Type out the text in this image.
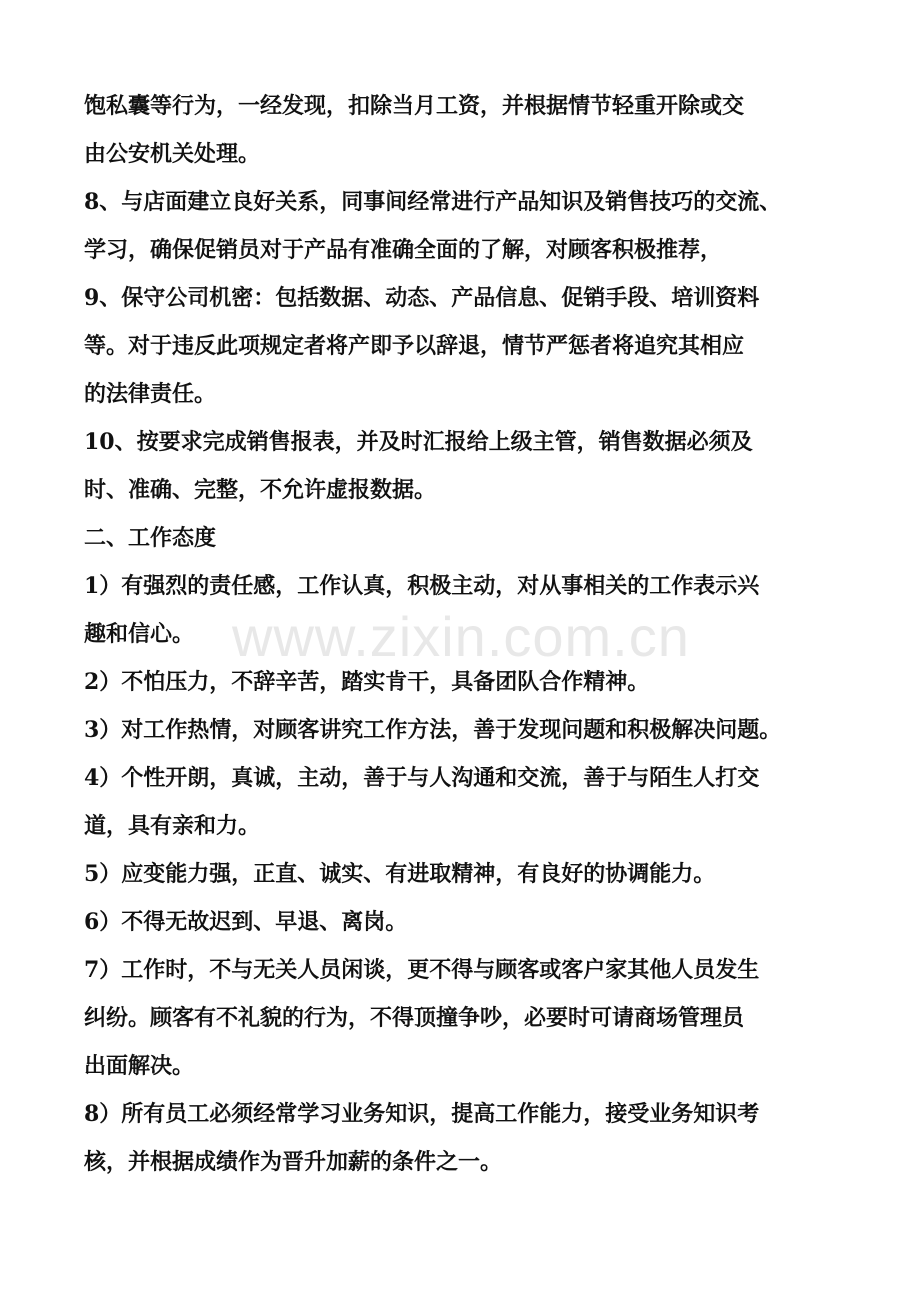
www.zixin.com.cn
饱私囊等行为，一经发现，扣除当月工资，并根据情节轻重开除或交
由公安机关处理。
8、与店面建立良好关系，同事间经常进行产品知识及销售技巧的交流、
学习，确保促销员对于产品有准确全面的了解，对顾客积极推荐，
9、保守公司机密：包括数据、动态、产品信息、促销手段、培训资料
等。对于违反此项规定者将产即予以辞退，情节严惩者将追究其相应
的法律责任。
10、按要求完成销售报表，并及时汇报给上级主管，销售数据必须及
时、准确、完整，不允许虚报数据。
二、工作态度
1）有强烈的责任感，工作认真，积极主动，对从事相关的工作表示兴
趣和信心。
2）不怕压力，不辞辛苦，踏实肯干，具备团队合作精神。
3）对工作热情，对顾客讲究工作方法，善于发现问题和积极解决问题。
4）个性开朗，真诚，主动，善于与人沟通和交流，善于与陌生人打交
道，具有亲和力。
5）应变能力强，正直、诚实、有进取精神，有良好的协调能力。
6）不得无故迟到、早退、离岗。
7）工作时，不与无关人员闲谈，更不得与顾客或客户家其他人员发生
纠纷。顾客有不礼貌的行为，不得顶撞争吵，必要时可请商场管理员
出面解决。
8）所有员工必须经常学习业务知识，提高工作能力，接受业务知识考
核，并根据成绩作为晋升加薪的条件之一。
